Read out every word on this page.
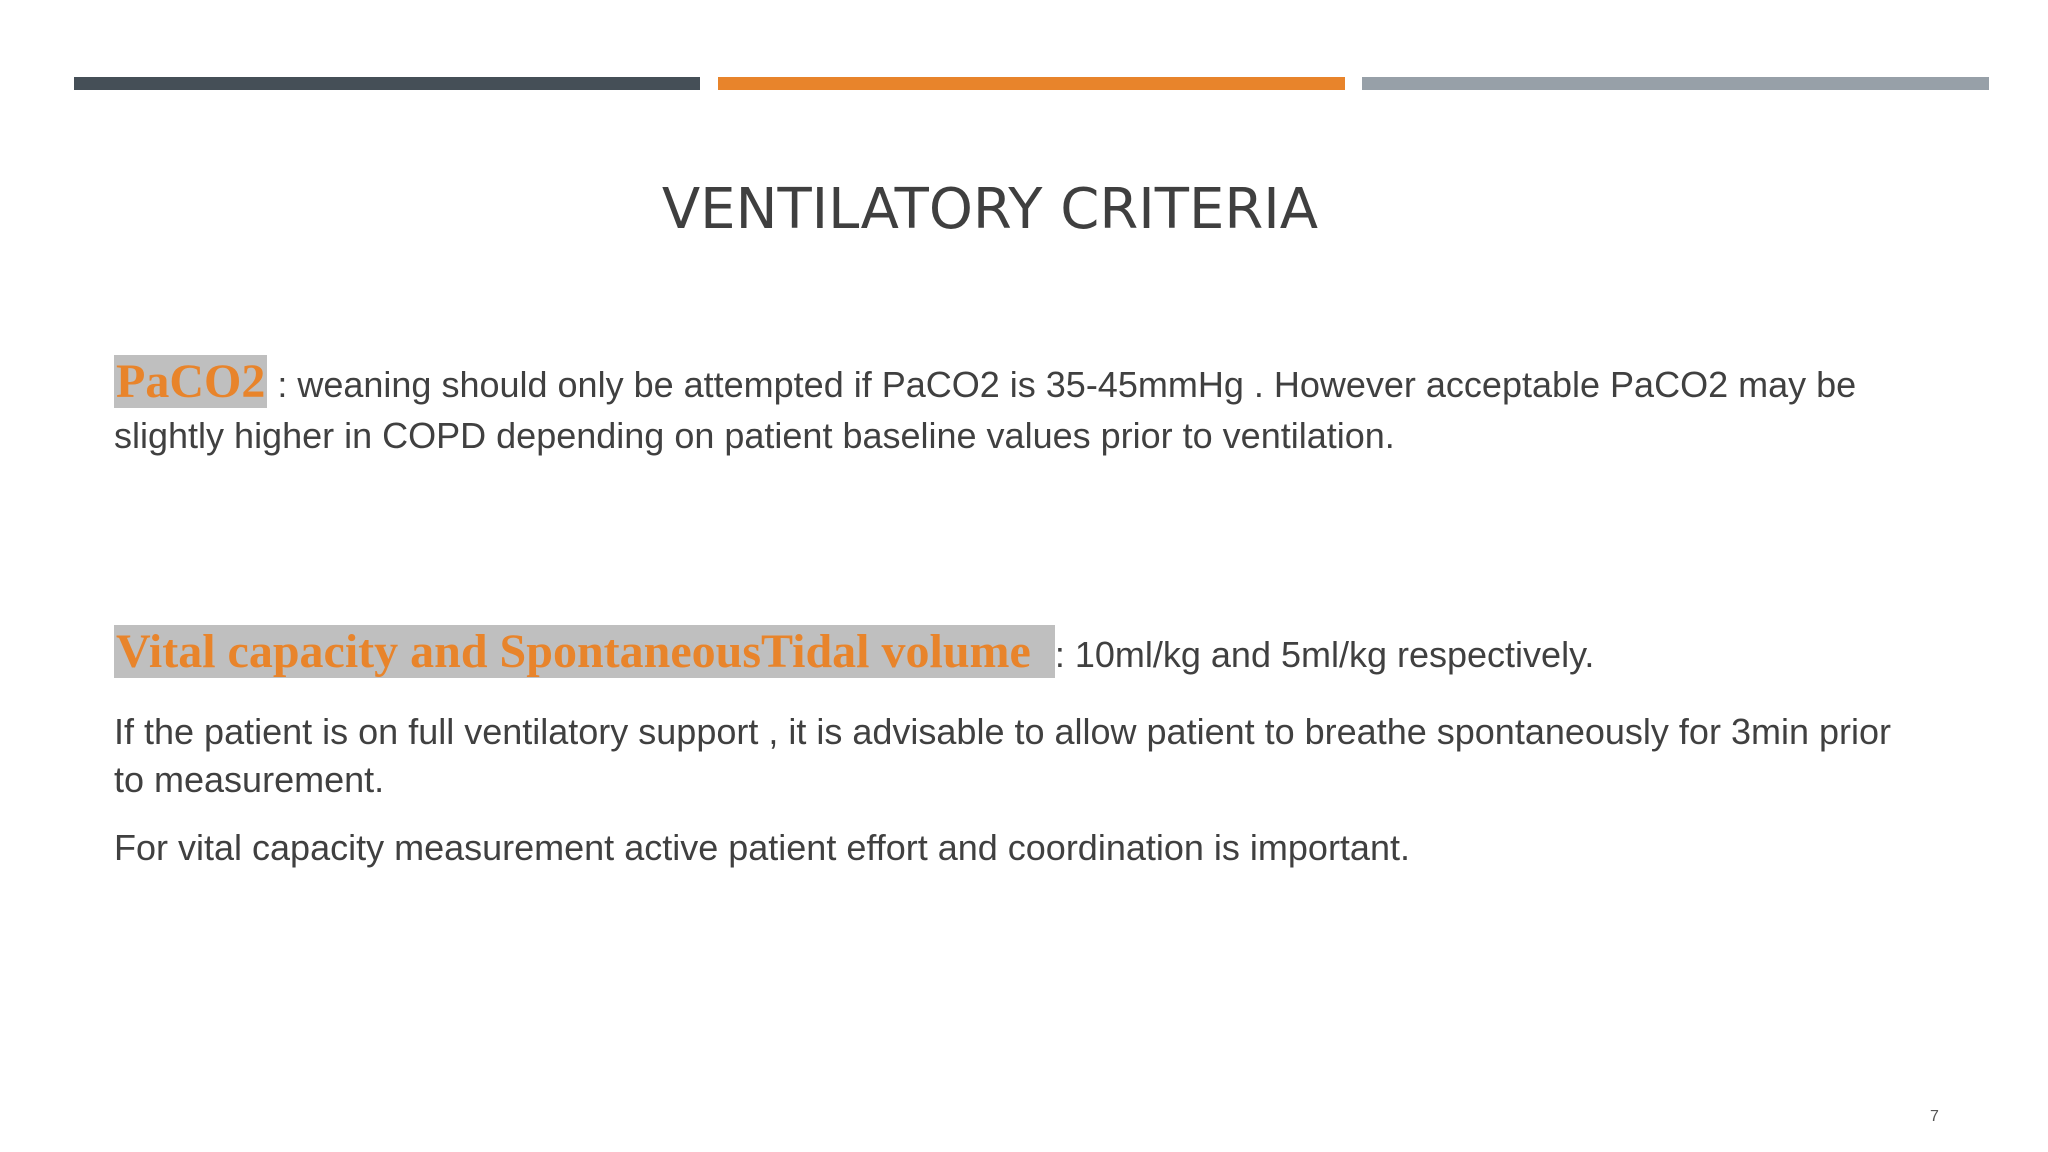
VENTILATORY CRITERIA
PaCO2 : weaning should only be attempted if PaCO2 is 35-45mmHg . However acceptable PaCO2 may be slightly higher in COPD depending on patient baseline values prior to ventilation.
Vital capacity and SpontaneousTidal volume : 10ml/kg and 5ml/kg respectively.
If the patient is on full ventilatory support , it is advisable to allow patient to breathe spontaneously for 3min prior to measurement.
For vital capacity measurement active patient effort and coordination is important.
7
